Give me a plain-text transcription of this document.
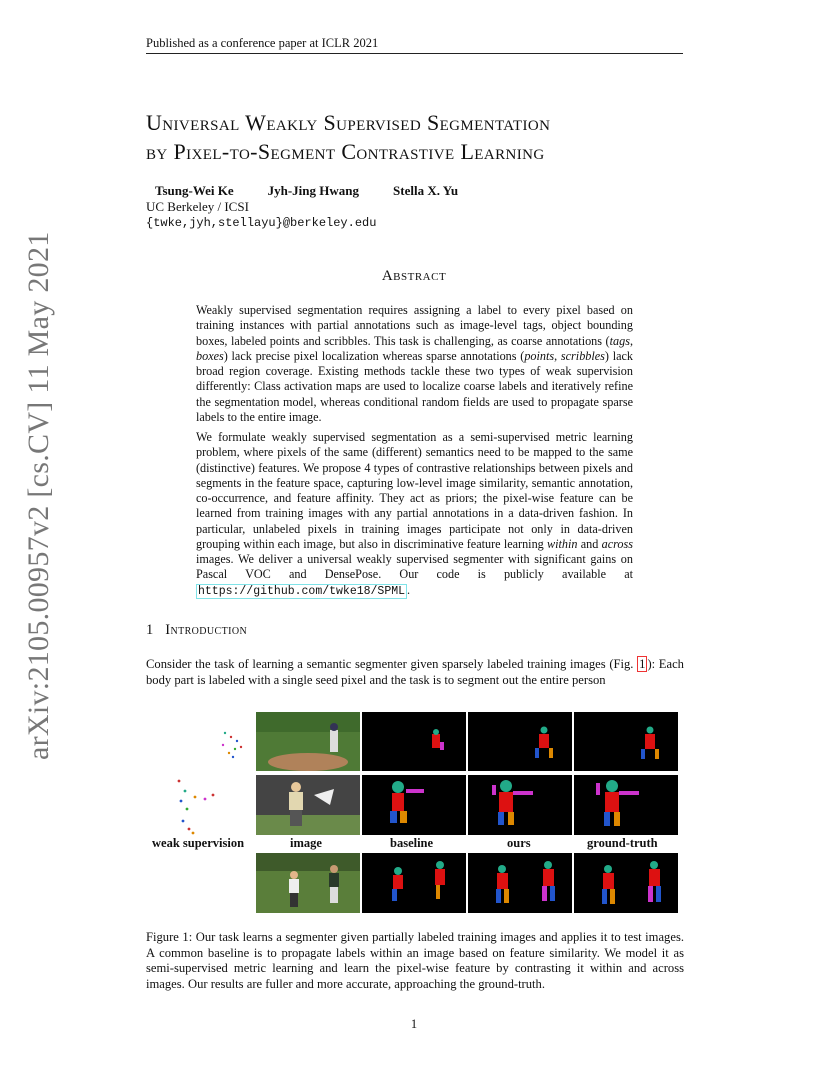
Published as a conference paper at ICLR 2021
arXiv:2105.00957v2 [cs.CV] 11 May 2021
Universal Weakly Supervised Segmentation
by Pixel-to-Segment Contrastive Learning
Tsung-Wei Ke	Jyh-Jing Hwang	Stella X. Yu
UC Berkeley / ICSI
{twke,jyh,stellayu}@berkeley.edu
Abstract

Weakly supervised segmentation requires assigning a label to every pixel based on training instances with partial annotations such as image-level tags, object bounding boxes, labeled points and scribbles. This task is challenging, as coarse annotations (tags, boxes) lack precise pixel localization whereas sparse annotations (points, scribbles) lack broad region coverage. Existing methods tackle these two types of weak supervision differently: Class activation maps are used to localize coarse labels and iteratively refine the segmentation model, whereas conditional random fields are used to propagate sparse labels to the entire image.

We formulate weakly supervised segmentation as a semi-supervised metric learning problem, where pixels of the same (different) semantics need to be mapped to the same (distinctive) features. We propose 4 types of contrastive relationships between pixels and segments in the feature space, capturing low-level image similarity, semantic annotation, co-occurrence, and feature affinity. They act as priors; the pixel-wise feature can be learned from training images with any partial annotations in a data-driven fashion. In particular, unlabeled pixels in training images participate not only in data-driven grouping within each image, but also in discriminative feature learning within and across images. We deliver a universal weakly supervised segmenter with significant gains on Pascal VOC and DensePose. Our code is publicly available at https://github.com/twke18/SPML .

1 Introduction
Consider the task of learning a semantic segmenter given sparsely labeled training images (Fig. 1 ): Each body part is labeled with a single seed pixel and the task is to segment out the entire person
weak supervision	image	baseline	ours	ground-truth
Figure 1: Our task learns a segmenter given partially labeled training images and applies it to test images. A common baseline is to propagate labels within an image based on feature similarity. We model it as semi-supervised metric learning and learn the pixel-wise feature by contrasting it within and across images. Our results are fuller and more accurate, approaching the ground-truth.
1
